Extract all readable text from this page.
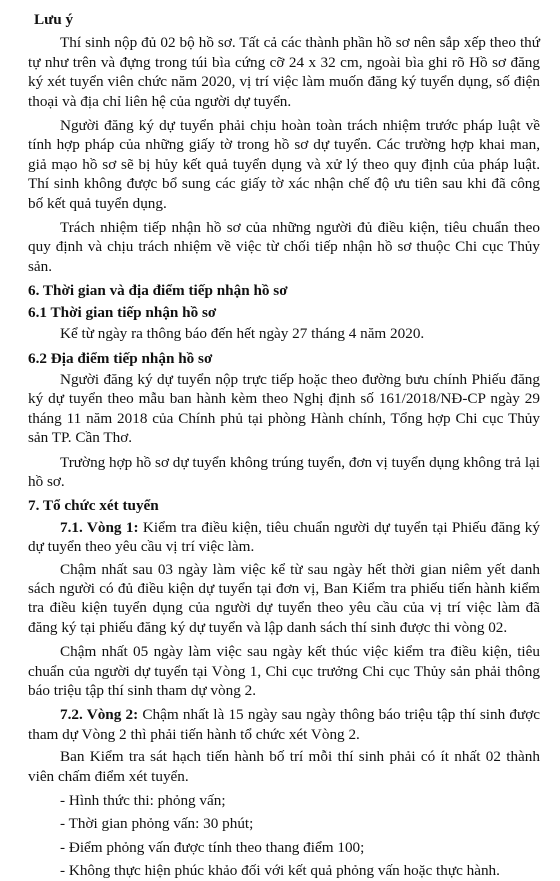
Lưu ý

Thí sinh nộp đủ 02 bộ hồ sơ. Tất cả các thành phần hồ sơ nên sắp xếp theo thứ tự như trên và đựng trong túi bìa cứng cỡ 24 x 32 cm, ngoài bìa ghi rõ Hồ sơ đăng ký xét tuyển viên chức năm 2020, vị trí việc làm muốn đăng ký tuyển dụng, số điện thoại và địa chỉ liên hệ của người dự tuyển.

Người đăng ký dự tuyển phải chịu hoàn toàn trách nhiệm trước pháp luật về tính hợp pháp của những giấy tờ trong hồ sơ dự tuyển. Các trường hợp khai man, giả mạo hồ sơ sẽ bị hủy kết quả tuyển dụng và xử lý theo quy định của pháp luật. Thí sinh không được bổ sung các giấy tờ xác nhận chế độ ưu tiên sau khi đã công bố kết quả tuyển dụng.

Trách nhiệm tiếp nhận hồ sơ của những người đủ điều kiện, tiêu chuẩn theo quy định và chịu trách nhiệm về việc từ chối tiếp nhận hồ sơ thuộc Chi cục Thủy sản.

6. Thời gian và địa điểm tiếp nhận hồ sơ
6.1 Thời gian tiếp nhận hồ sơ

Kể từ ngày ra thông báo đến hết ngày 27 tháng 4 năm 2020.

6.2 Địa điểm tiếp nhận hồ sơ

Người đăng ký dự tuyển nộp trực tiếp hoặc theo đường bưu chính Phiếu đăng ký dự tuyển theo mẫu ban hành kèm theo Nghị định số 161/2018/NĐ-CP ngày 29 tháng 11 năm 2018 của Chính phủ tại phòng Hành chính, Tổng hợp Chi cục Thủy sản TP. Cần Thơ.

Trường hợp hồ sơ dự tuyển không trúng tuyển, đơn vị tuyển dụng không trả lại hồ sơ.

7. Tổ chức xét tuyển

7.1. Vòng 1: Kiểm tra điều kiện, tiêu chuẩn người dự tuyển tại Phiếu đăng ký dự tuyển theo yêu cầu vị trí việc làm.

Chậm nhất sau 03 ngày làm việc kể từ sau ngày hết thời gian niêm yết danh sách người có đủ điều kiện dự tuyển tại đơn vị, Ban Kiểm tra phiếu tiến hành kiểm tra điều kiện tuyển dụng của người dự tuyển theo yêu cầu của vị trí việc làm đã đăng ký tại phiếu đăng ký dự tuyển và lập danh sách thí sinh được thi vòng 02.

Chậm nhất 05 ngày làm việc sau ngày kết thúc việc kiểm tra điều kiện, tiêu chuẩn của người dự tuyển tại Vòng 1, Chi cục trưởng Chi cục Thủy sản phải thông báo triệu tập thí sinh tham dự vòng 2.

7.2. Vòng 2: Chậm nhất là 15 ngày sau ngày thông báo triệu tập thí sinh được tham dự Vòng 2 thì phải tiến hành tổ chức xét Vòng 2.

Ban Kiểm tra sát hạch tiến hành bố trí mỗi thí sinh phải có ít nhất 02 thành viên chấm điểm xét tuyển.

- Hình thức thi: phỏng vấn;
- Thời gian phỏng vấn: 30 phút;
- Điểm phỏng vấn được tính theo thang điểm 100;
- Không thực hiện phúc khảo đối với kết quả phỏng vấn hoặc thực hành.
